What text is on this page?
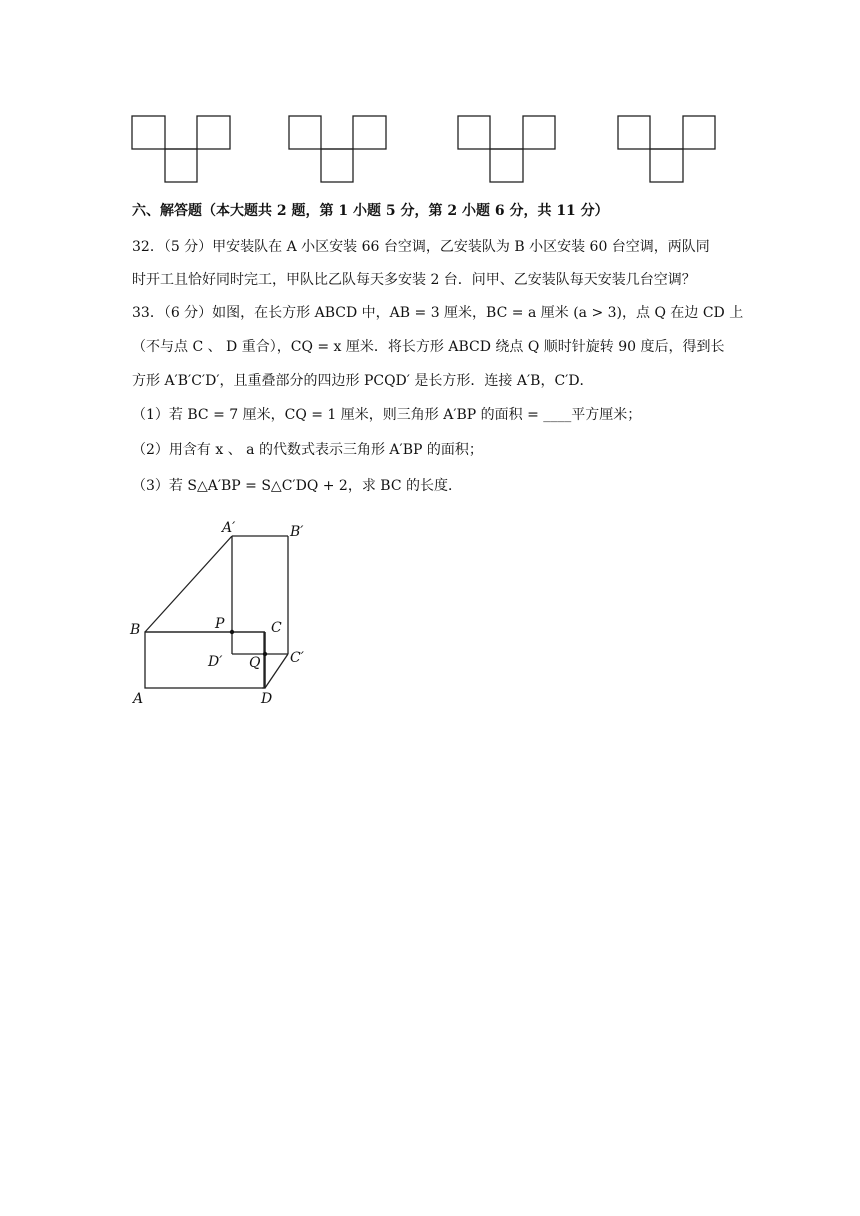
六、解答题（本大题共 2 题，第 1 小题 5 分，第 2 小题 6 分，共 11 分）
32．（5 分）甲安装队在 A 小区安装 66 台空调，乙安装队为 B 小区安装 60 台空调，两队同
时开工且恰好同时完工，甲队比乙队每天多安装 2 台．问甲、乙安装队每天安装几台空调？
33．（6 分）如图，在长方形 ABCD 中，AB = 3 厘米，BC = a 厘米 (a > 3)，点 Q 在边 CD 上
（不与点 C 、 D 重合），CQ = x 厘米．将长方形 ABCD 绕点 Q 顺时针旋转 90 度后，得到长
方形 A′B′C′D′，且重叠部分的四边形 PCQD′ 是长方形．连接 A′B，C′D．
（1）若 BC = 7 厘米，CQ = 1 厘米，则三角形 A′BP 的面积 = ____平方厘米；
（2）用含有 x 、 a 的代数式表示三角形 A′BP 的面积；
（3）若 S△A′BP = S△C′DQ + 2，求 BC 的长度．
A′	B′
B	P	C
D′ Q C′
A	D
